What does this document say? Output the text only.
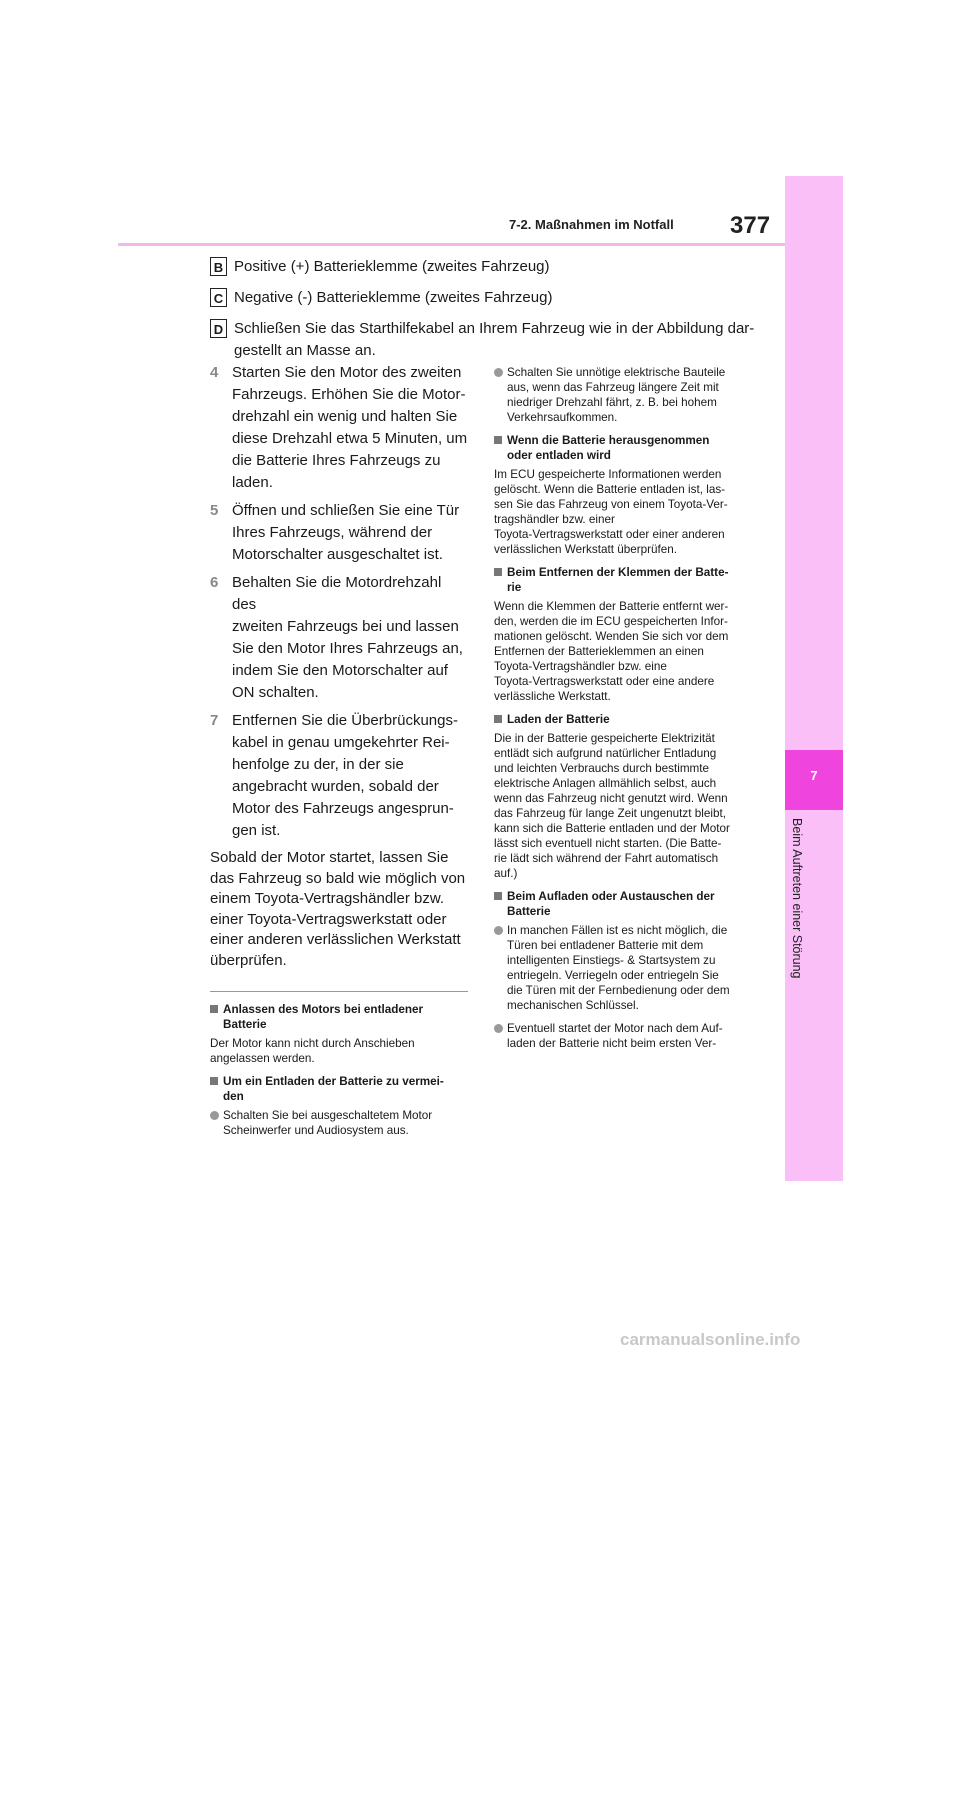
7-2. Maßnahmen im Notfall 377
7
Beim Auftreten einer Störung
B Positive (+) Batterieklemme (zweites Fahrzeug)
C Negative (-) Batterieklemme (zweites Fahrzeug)
D Schließen Sie das Starthilfekabel an Ihrem Fahrzeug wie in der Abbildung dar-
gestellt an Masse an.
4 Starten Sie den Motor des zweiten
Fahrzeugs. Erhöhen Sie die Motor-
drehzahl ein wenig und halten Sie
diese Drehzahl etwa 5 Minuten, um
die Batterie Ihres Fahrzeugs zu
laden.
5 Öffnen und schließen Sie eine Tür
Ihres Fahrzeugs, während der
Motorschalter ausgeschaltet ist.
6 Behalten Sie die Motordrehzahl des
zweiten Fahrzeugs bei und lassen
Sie den Motor Ihres Fahrzeugs an,
indem Sie den Motorschalter auf
ON schalten.
7 Entfernen Sie die Überbrückungs-
kabel in genau umgekehrter Rei-
henfolge zu der, in der sie
angebracht wurden, sobald der
Motor des Fahrzeugs angesprun-
gen ist.

Sobald der Motor startet, lassen Sie
das Fahrzeug so bald wie möglich von
einem Toyota-Vertragshändler bzw.
einer Toyota-Vertragswerkstatt oder
einer anderen verlässlichen Werkstatt
überprüfen.

Anlassen des Motors bei entladener
Batterie

Der Motor kann nicht durch Anschieben
angelassen werden.

Um ein Entladen der Batterie zu vermei-
den
Schalten Sie bei ausgeschaltetem Motor
Scheinwerfer und Audiosystem aus.
Schalten Sie unnötige elektrische Bauteile
aus, wenn das Fahrzeug längere Zeit mit
niedriger Drehzahl fährt, z. B. bei hohem
Verkehrsaufkommen.
Wenn die Batterie herausgenommen
oder entladen wird

Im ECU gespeicherte Informationen werden
gelöscht. Wenn die Batterie entladen ist, las-
sen Sie das Fahrzeug von einem Toyota-Ver-
tragshändler bzw. einer
Toyota-Vertragswerkstatt oder einer anderen
verlässlichen Werkstatt überprüfen.

Beim Entfernen der Klemmen der Batte-
rie

Wenn die Klemmen der Batterie entfernt wer-
den, werden die im ECU gespeicherten Infor-
mationen gelöscht. Wenden Sie sich vor dem
Entfernen der Batterieklemmen an einen
Toyota-Vertragshändler bzw. eine
Toyota-Vertragswerkstatt oder eine andere
verlässliche Werkstatt.

Laden der Batterie

Die in der Batterie gespeicherte Elektrizität
entlädt sich aufgrund natürlicher Entladung
und leichten Verbrauchs durch bestimmte
elektrische Anlagen allmählich selbst, auch
wenn das Fahrzeug nicht genutzt wird. Wenn
das Fahrzeug für lange Zeit ungenutzt bleibt,
kann sich die Batterie entladen und der Motor
lässt sich eventuell nicht starten. (Die Batte-
rie lädt sich während der Fahrt automatisch
auf.)

Beim Aufladen oder Austauschen der
Batterie
In manchen Fällen ist es nicht möglich, die
Türen bei entladener Batterie mit dem
intelligenten Einstiegs- & Startsystem zu
entriegeln. Verriegeln oder entriegeln Sie
die Türen mit der Fernbedienung oder dem
mechanischen Schlüssel.
Eventuell startet der Motor nach dem Auf-
laden der Batterie nicht beim ersten Ver-
carmanualsonline.info
